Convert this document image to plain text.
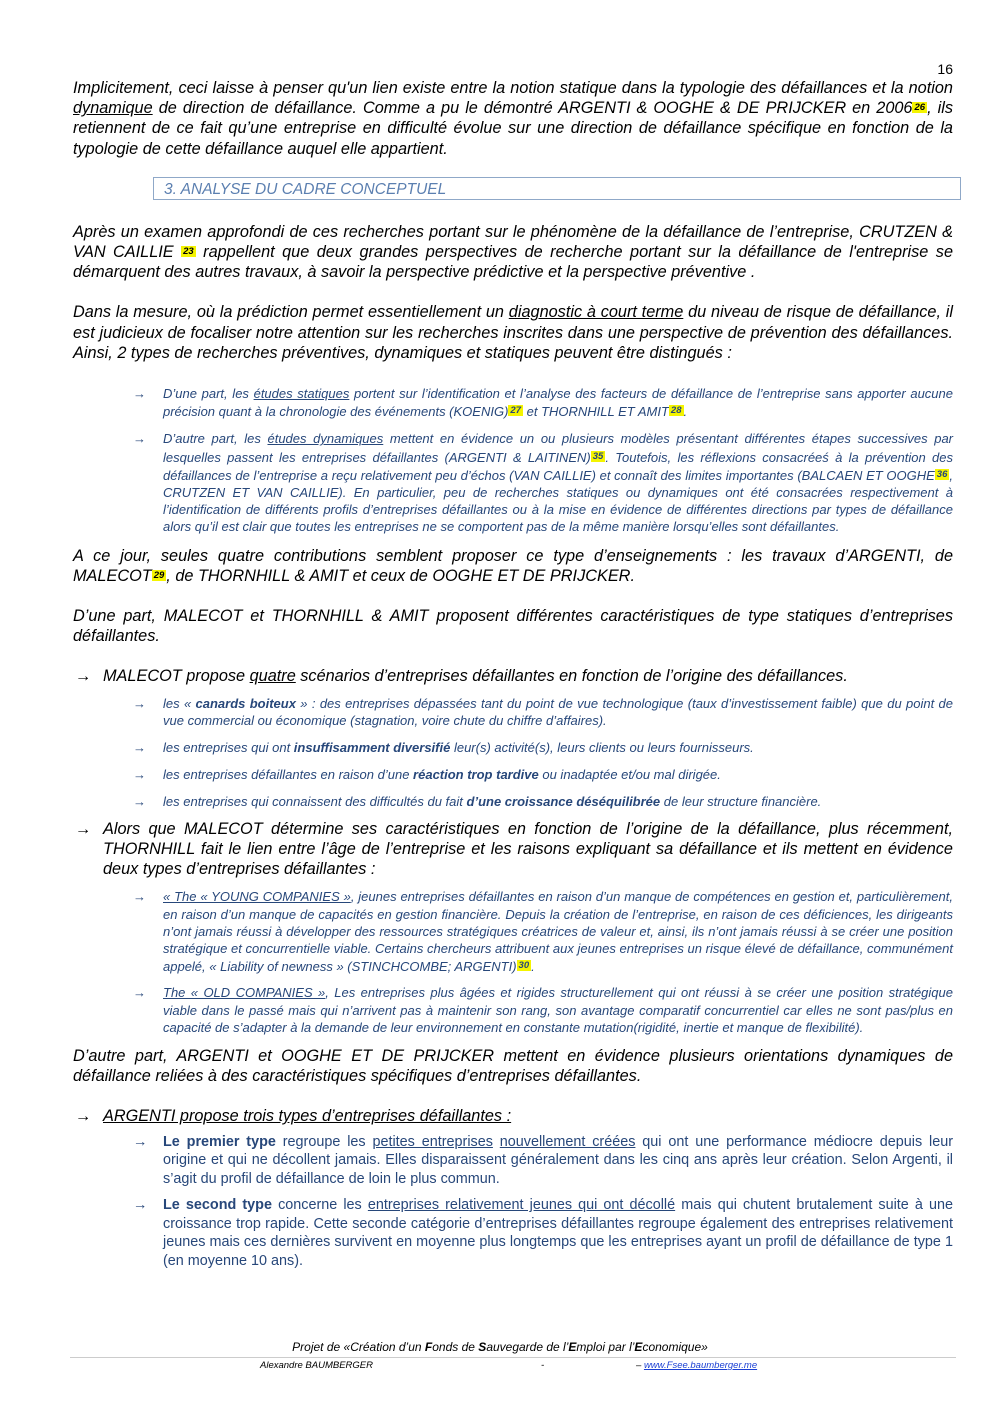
16

Implicitement, ceci laisse à penser qu'un lien existe entre la notion statique dans la typologie des défaillances et la notion dynamique de direction de défaillance. Comme a pu le démontré ARGENTI & OOGHE & DE PRIJCKER en 2006 26 , ils retiennent de ce fait qu’une entreprise en difficulté évolue sur une direction de défaillance spécifique en fonction de la typologie de cette défaillance auquel elle appartient.

3. ANALYSE DU CADRE CONCEPTUEL

Après un examen approfondi de ces recherches portant sur le phénomène de la défaillance de l’entreprise, CRUTZEN & VAN CAILLIE 23 rappellent que deux grandes perspectives de recherche portant sur la défaillance de l'entreprise se démarquent des autres travaux, à savoir la perspective prédictive et la perspective préventive .

Dans la mesure, où la prédiction permet essentiellement un diagnostic à court terme du niveau de risque de défaillance, il est judicieux de focaliser notre attention sur les recherches inscrites dans une perspective de prévention des défaillances. Ainsi, 2 types de recherches préventives, dynamiques et statiques peuvent être distingués :

→ D’une part, les études statiques portent sur l’identification et l’analyse des facteurs de défaillance de l’entreprise sans apporter aucune précision quant à la chronologie des événements (KOENIG) $^{27}$ et THORNHILL ET AMIT $^{28}$ .

→ D’autre part, les études dynamiques mettent en évidence un ou plusieurs modèles présentant différentes étapes successives par lesquelles passent les entreprises défaillantes (ARGENTI & LAITINEN) $^{35}$ . Toutefois, les réflexions consacréeś à la prévention des défaillances de l’entreprise a reçu relativement peu d’échos (VAN CAILLIE) et connaît des limites importantes (BALCAEN ET OOGHE $^{36}$ , CRUTZEN ET VAN CAILLIE). En particulier, peu de recherches statiques ou dynamiques ont été consacrées respectivement à l’identification de différents profils d’entreprises défaillantes ou à la mise en évidence de différentes directions par types de défaillance alors qu’il est clair que toutes les entreprises ne se comportent pas de la même manière lorsqu’elles sont défaillantes.

A ce jour, seules quatre contributions semblent proposer ce type d’enseignements : les travaux d’ARGENTI, de MALECOT 29 , de THORNHILL & AMIT et ceux de OOGHE ET DE PRIJCKER.

D’une part, MALECOT et THORNHILL & AMIT proposent différentes caractéristiques de type statiques d’entreprises défaillantes.

→ MALECOT propose quatre scénarios d’entreprises défaillantes en fonction de l’origine des défaillances.

→ les « canards boiteux » : des entreprises dépassées tant du point de vue technologique (taux d’investissement faible) que du point de vue commercial ou économique (stagnation, voire chute du chiffre d’affaires).

→ les entreprises qui ont insuffisamment diversifié leur(s) activité(s), leurs clients ou leurs fournisseurs.

→ les entreprises défaillantes en raison d’une réaction trop tardive ou inadaptée et/ou mal dirigée.

→ les entreprises qui connaissent des difficultés du fait d’une croissance déséquilibrée de leur structure financière.

→ Alors que MALECOT détermine ses caractéristiques en fonction de l’origine de la défaillance, plus récemment, THORNHILL fait le lien entre l’âge de l’entreprise et les raisons expliquant sa défaillance et ils mettent en évidence deux types d’entreprises défaillantes :

→ « The « YOUNG COMPANIES », jeunes entreprises défaillantes en raison d’un manque de compétences en gestion et, particulièrement, en raison d’un manque de capacités en gestion financière. Depuis la création de l’entreprise, en raison de ces déficiences, les dirigeants n’ont jamais réussi à développer des ressources stratégiques créatrices de valeur et, ainsi, ils n’ont jamais réussi à se créer une position stratégique et concurrentielle viable. Certains chercheurs attribuent aux jeunes entreprises un risque élevé de défaillance, communément appelé, « Liability of newness » (STINCHCOMBE; ARGENTI) $^{30}$ .

→ The « OLD COMPANIES », Les entreprises plus âgées et rigides structurellement qui ont réussi à se créer une position stratégique viable dans le passé mais qui n’arrivent pas à maintenir son rang, son avantage comparatif concurrentiel car elles ne sont pas/plus en capacité de s’adapter à la demande de leur environnement en constante mutation(rigidité, inertie et manque de flexibilité).

D’autre part, ARGENTI et OOGHE ET DE PRIJCKER mettent en évidence plusieurs orientations dynamiques de défaillance reliées à des caractéristiques spécifiques d’entreprises défaillantes.

→ ARGENTI propose trois types d’entreprises défaillantes :

→ Le premier type regroupe les petites entreprises nouvellement créées qui ont une performance médiocre depuis leur origine et qui ne décollent jamais. Elles disparaissent généralement dans les cinq ans après leur création. Selon Argenti, il s’agit du profil de défaillance de loin le plus commun.

→ Le second type concerne les entreprises relativement jeunes qui ont décollé mais qui chutent brutalement suite à une croissance trop rapide. Cette seconde catégorie d’entreprises défaillantes regroupe également des entreprises relativement jeunes mais ces dernières survivent en moyenne plus longtemps que les entreprises ayant un profil de défaillance de type 1 (en moyenne 10 ans).

Projet de «Création d’un Fonds de Sauvegarde de l’Emploi par l’Economique»
Alexandre BAUMBERGER	-	– www.Fsee.baumberger.me
